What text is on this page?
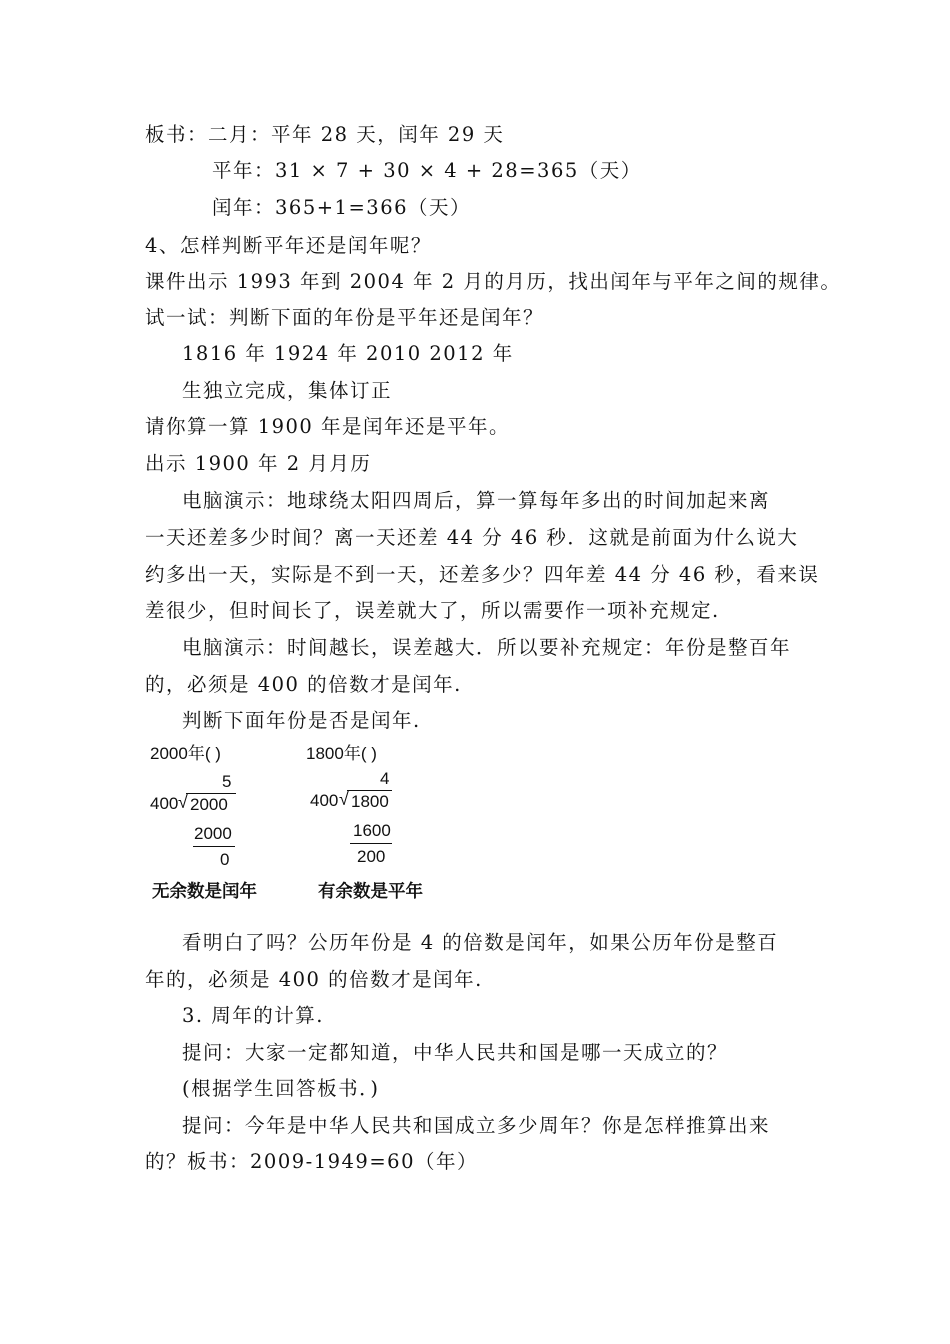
板书：二月：平年 28 天，闰年 29 天
平年：31 × 7 + 30 × 4 + 28=365（天）
闰年：365+1=366（天）
4、怎样判断平年还是闰年呢？
课件出示 1993 年到 2004 年 2 月的月历，找出闰年与平年之间的规律。
试一试：判断下面的年份是平年还是闰年？
1816 年 1924 年 2010 2012 年
生独立完成，集体订正
请你算一算 1900 年是闰年还是平年。
出示 1900 年 2 月月历
电脑演示：地球绕太阳四周后，算一算每年多出的时间加起来离
一天还差多少时间？离一天还差 44 分 46 秒．这就是前面为什么说大
约多出一天，实际是不到一天，还差多少？四年差 44 分 46 秒，看来误
差很少，但时间长了，误差就大了，所以需要作一项补充规定.
电脑演示：时间越长，误差越大．所以要补充规定：年份是整百年
的，必须是 400 的倍数才是闰年.
判断下面年份是否是闰年.
2000年( )
5
400 √ 2000
2000
0
无余数是闰年
1800年( )
4
400 √ 1800
1600
200
有余数是平年
看明白了吗？公历年份是 4 的倍数是闰年，如果公历年份是整百
年的，必须是 400 的倍数才是闰年.
3. 周年的计算.
提问：大家一定都知道，中华人民共和国是哪一天成立的？
(根据学生回答板书．)
提问：今年是中华人民共和国成立多少周年？你是怎样推算出来
的？板书：2009-1949=60（年）
